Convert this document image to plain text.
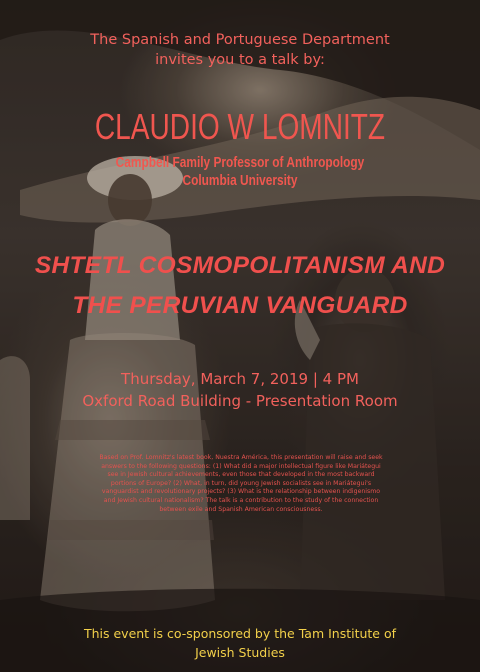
The Spanish and Portuguese Department
invites you to a talk by:
CLAUDIO W LOMNITZ
Campbell Family Professor of Anthropology
Columbia University
SHTETL COSMOPOLITANISM AND
THE PERUVIAN VANGUARD
Thursday, March 7, 2019 | 4 PM
Oxford Road Building - Presentation Room
Based on Prof. Lomnitz's latest book, Nuestra América, this presentation will raise and seek answers to the following questions: (1) What did a major intellectual figure like Mariátegui see in Jewish cultural achievements, even those that developed in the most backward portions of Europe? (2) What, in turn, did young Jewish socialists see in Mariátegui's vanguardist and revolutionary projects? (3) What is the relationship between indigenismo and Jewish cultural nationalism? The talk is a contribution to the study of the connection between exile and Spanish American consciousness.
This event is co-sponsored by the Tam Institute of
Jewish Studies
